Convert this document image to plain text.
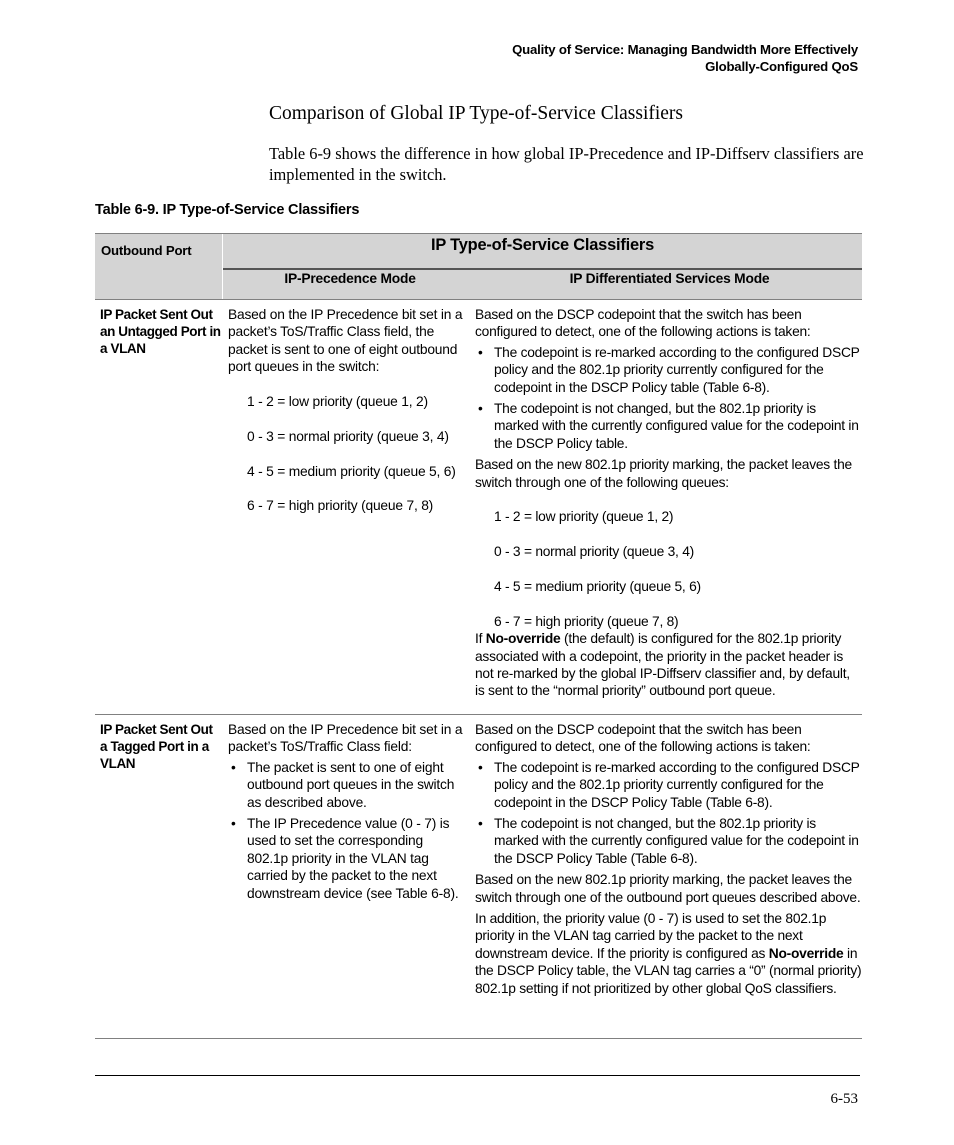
Quality of Service: Managing Bandwidth More Effectively
Globally-Configured QoS
Comparison of Global IP Type-of-Service Classifiers

Table 6-9 shows the difference in how global IP-Precedence and IP-Diffserv classifiers are implemented in the switch.

Table 6-9. IP Type-of-Service Classifiers
Outbound Port	IP Type-of-Service Classifiers
IP-Precedence Mode	IP Differentiated Services Mode
IP Packet Sent Out an Untagged Port in a VLAN

Based on the IP Precedence bit set in a packet’s ToS/Traffic Class field, the packet is sent to one of eight outbound port queues in the switch:

1 - 2 = low priority (queue 1, 2)

0 - 3 = normal priority (queue 3, 4)

4 - 5 = medium priority (queue 5, 6)

6 - 7 = high priority (queue 7, 8)

Based on the DSCP codepoint that the switch has been configured to detect, one of the following actions is taken:

• The codepoint is re-marked according to the configured DSCP policy and the 802.1p priority currently configured for the codepoint in the DSCP Policy table (Table 6-8).
• The codepoint is not changed, but the 802.1p priority is marked with the currently configured value for the codepoint in the DSCP Policy table.

Based on the new 802.1p priority marking, the packet leaves the switch through one of the following queues:

1 - 2 = low priority (queue 1, 2)

0 - 3 = normal priority (queue 3, 4)

4 - 5 = medium priority (queue 5, 6)

6 - 7 = high priority (queue 7, 8)

If No-override (the default) is configured for the 802.1p priority associated with a codepoint, the priority in the packet header is not re-marked by the global IP-Diffserv classifier and, by default, is sent to the “normal priority” outbound port queue.

IP Packet Sent Out a Tagged Port in a VLAN

Based on the IP Precedence bit set in a packet’s ToS/Traffic Class field:

• The packet is sent to one of eight outbound port queues in the switch as described above.
• The IP Precedence value (0 - 7) is used to set the corresponding 802.1p priority in the VLAN tag carried by the packet to the next downstream device (see Table 6-8).

Based on the DSCP codepoint that the switch has been configured to detect, one of the following actions is taken:

• The codepoint is re-marked according to the configured DSCP policy and the 802.1p priority currently configured for the codepoint in the DSCP Policy Table (Table 6-8).
• The codepoint is not changed, but the 802.1p priority is marked with the currently configured value for the codepoint in the DSCP Policy Table (Table 6-8).

Based on the new 802.1p priority marking, the packet leaves the switch through one of the outbound port queues described above.

In addition, the priority value (0 - 7) is used to set the 802.1p priority in the VLAN tag carried by the packet to the next downstream device. If the priority is configured as No-override in the DSCP Policy table, the VLAN tag carries a “0” (normal priority) 802.1p setting if not prioritized by other global QoS classifiers.

6-53
